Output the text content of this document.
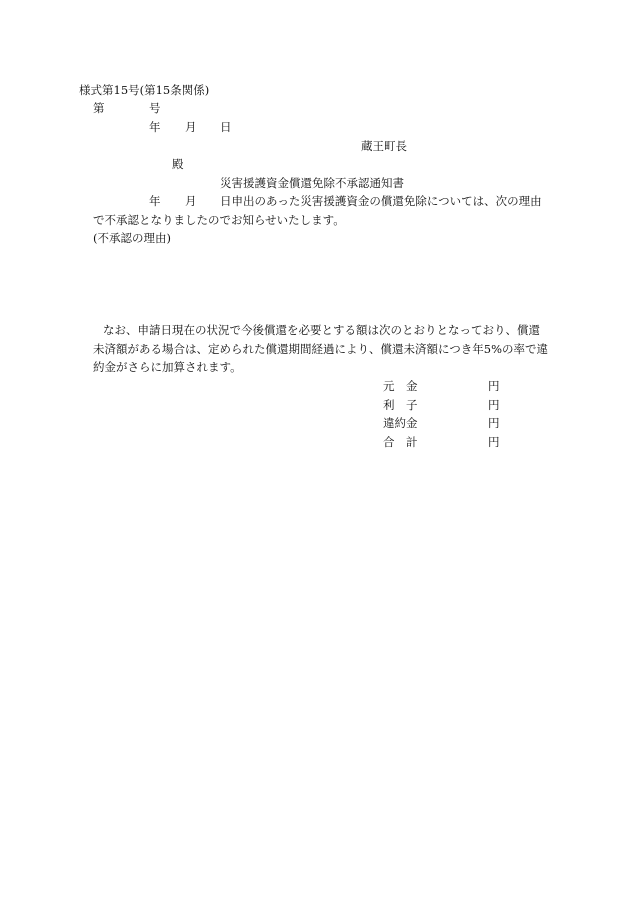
様式第15号(第15条関係)
第	号
年 月 日
蔵王町長
殿
災害援護資金償還免除不承認通知書
年 月 日申出のあった災害援護資金の償還免除については、次の理由
で不承認となりましたのでお知らせいたします。
(不承認の理由)
なお、申請日現在の状況で今後償還を必要とする額は次のとおりとなっており、償還
未済額がある場合は、定められた償還期間経過により、償還未済額につき年5%の率で違
約金がさらに加算されます。
元　金	円
利　子	円
違約金	円
合　計	円
